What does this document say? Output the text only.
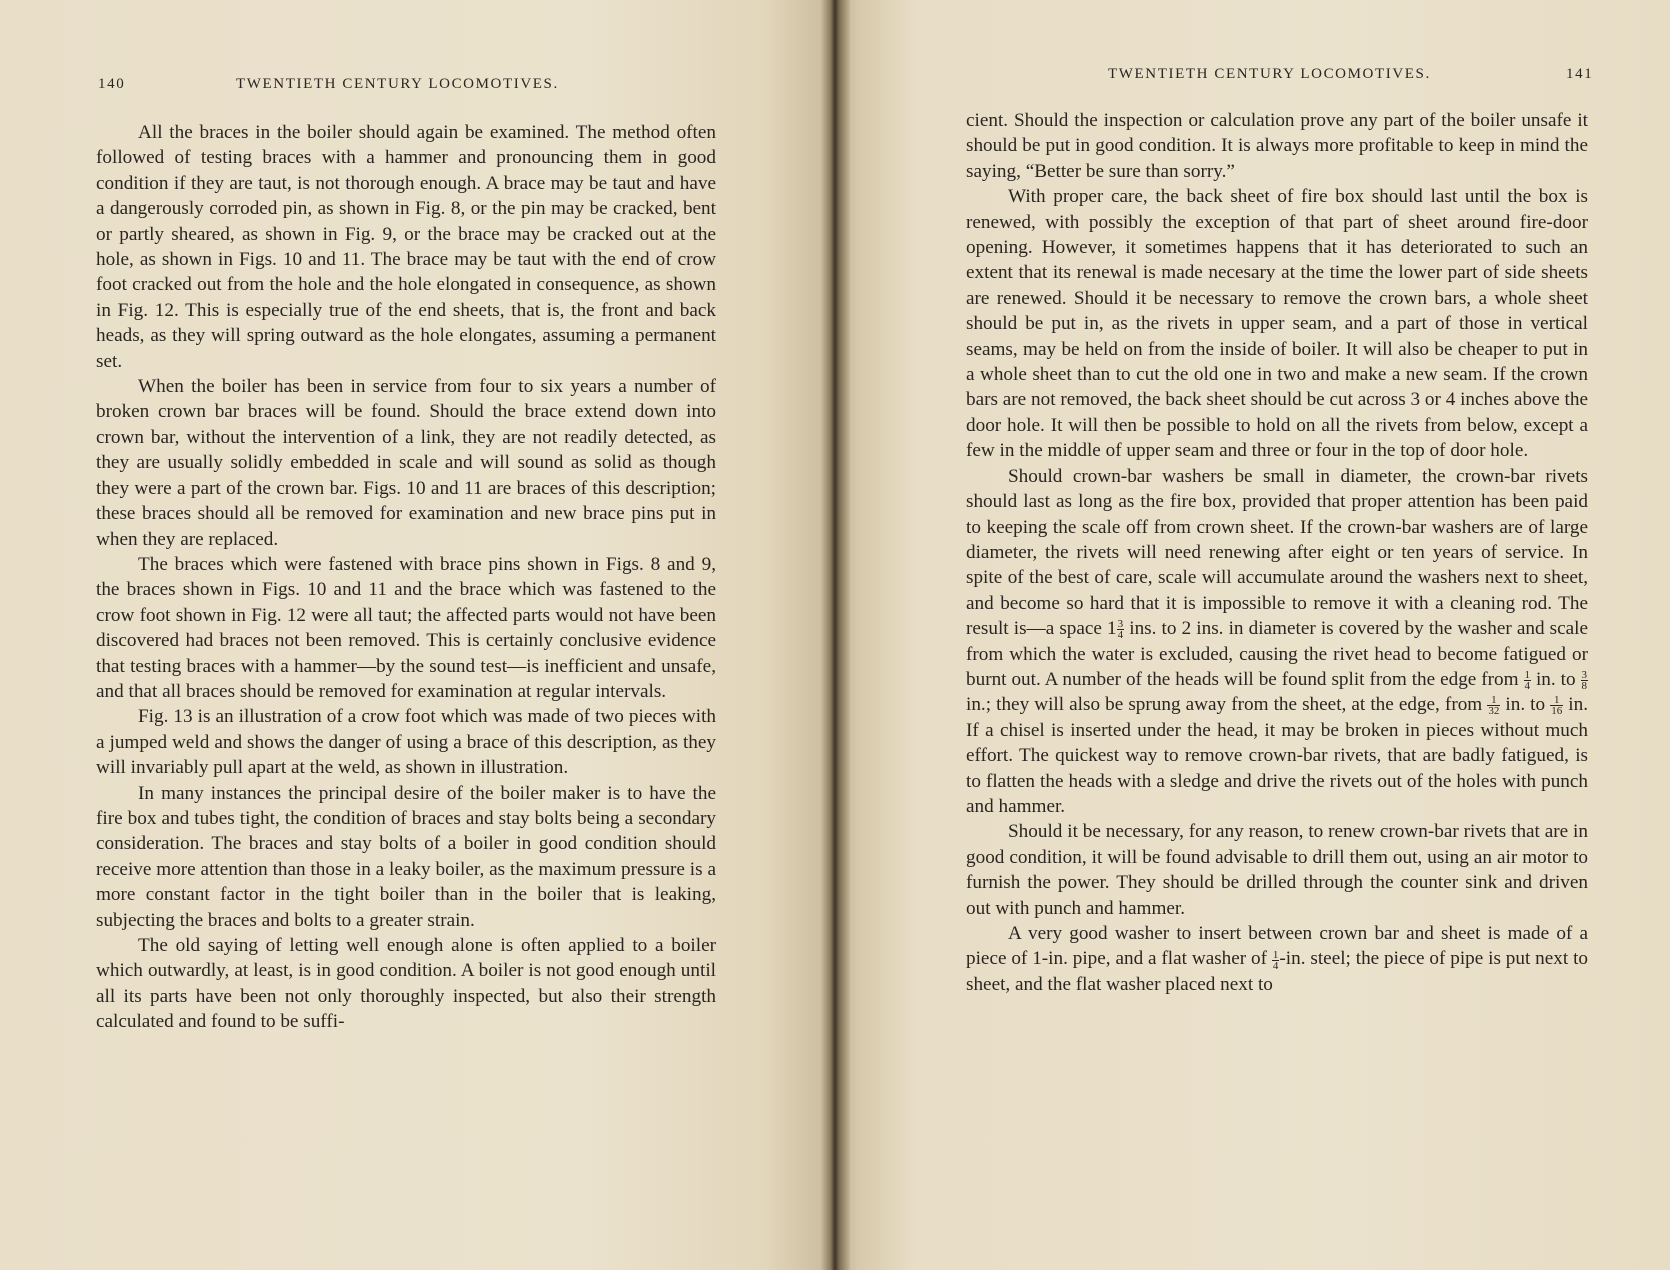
140	TWENTIETH CENTURY LOCOMOTIVES.

All the braces in the boiler should again be examined. The method often followed of testing braces with a hammer and pronouncing them in good condition if they are taut, is not thorough enough. A brace may be taut and have a dangerously corroded pin, as shown in Fig. 8, or the pin may be cracked, bent or partly sheared, as shown in Fig. 9, or the brace may be cracked out at the hole, as shown in Figs. 10 and 11. The brace may be taut with the end of crow foot cracked out from the hole and the hole elongated in consequence, as shown in Fig. 12. This is especially true of the end sheets, that is, the front and back heads, as they will spring outward as the hole elongates, assuming a permanent set.

When the boiler has been in service from four to six years a number of broken crown bar braces will be found. Should the brace extend down into crown bar, without the intervention of a link, they are not readily detected, as they are usually solidly embedded in scale and will sound as solid as though they were a part of the crown bar. Figs. 10 and 11 are braces of this description; these braces should all be removed for examination and new brace pins put in when they are replaced.

The braces which were fastened with brace pins shown in Figs. 8 and 9, the braces shown in Figs. 10 and 11 and the brace which was fastened to the crow foot shown in Fig. 12 were all taut; the affected parts would not have been discovered had braces not been removed. This is certainly conclusive evidence that testing braces with a hammer—by the sound test—is inefficient and unsafe, and that all braces should be removed for examination at regular intervals.

Fig. 13 is an illustration of a crow foot which was made of two pieces with a jumped weld and shows the danger of using a brace of this description, as they will invariably pull apart at the weld, as shown in illustration.

In many instances the principal desire of the boiler maker is to have the fire box and tubes tight, the condition of braces and stay bolts being a secondary consideration. The braces and stay bolts of a boiler in good condition should receive more attention than those in a leaky boiler, as the maximum pressure is a more constant factor in the tight boiler than in the boiler that is leaking, subjecting the braces and bolts to a greater strain.

The old saying of letting well enough alone is often applied to a boiler which outwardly, at least, is in good condition. A boiler is not good enough until all its parts have been not only thoroughly inspected, but also their strength calculated and found to be suffi-

TWENTIETH CENTURY LOCOMOTIVES.	141

cient. Should the inspection or calculation prove any part of the boiler unsafe it should be put in good condition. It is always more profitable to keep in mind the saying, “Better be sure than sorry.”

With proper care, the back sheet of fire box should last until the box is renewed, with possibly the exception of that part of sheet around fire-door opening. However, it sometimes happens that it has deteriorated to such an extent that its renewal is made necesary at the time the lower part of side sheets are renewed. Should it be necessary to remove the crown bars, a whole sheet should be put in, as the rivets in upper seam, and a part of those in vertical seams, may be held on from the inside of boiler. It will also be cheaper to put in a whole sheet than to cut the old one in two and make a new seam. If the crown bars are not removed, the back sheet should be cut across 3 or 4 inches above the door hole. It will then be possible to hold on all the rivets from below, except a few in the middle of upper seam and three or four in the top of door hole.

Should crown-bar washers be small in diameter, the crown-bar rivets should last as long as the fire box, provided that proper attention has been paid to keeping the scale off from crown sheet. If the crown-bar washers are of large diameter, the rivets will need renewing after eight or ten years of service. In spite of the best of care, scale will accumulate around the washers next to sheet, and become so hard that it is impossible to remove it with a cleaning rod. The result is—a space $1 \frac{3}{4}$ ins. to 2 ins. in diameter is covered by the washer and scale from which the water is excluded, causing the rivet head to become fatigued or burnt out. A number of the heads will be found split from the edge from $\frac{1}{4}$ in. to $\frac{3}{8}$
in.; they will also be sprung away from the sheet, at the edge, from $\frac{1}{32}$ in. to $\frac{1}{16}$ in. If a chisel is inserted under the head, it may be broken in pieces without much effort. The quickest way to remove crown-bar rivets, that are badly fatigued, is to flatten the heads with a sledge and drive the rivets out of the holes with punch and hammer.

Should it be necessary, for any reason, to renew crown-bar rivets that are in good condition, it will be found advisable to drill them out, using an air motor to furnish the power. They should be drilled through the counter sink and driven out with punch and hammer.

A very good washer to insert between crown bar and sheet is made of a piece of 1-in. pipe, and a flat washer of $\frac{1}{4} -in$. steel; the piece of pipe is put next to sheet, and the flat washer placed next to
